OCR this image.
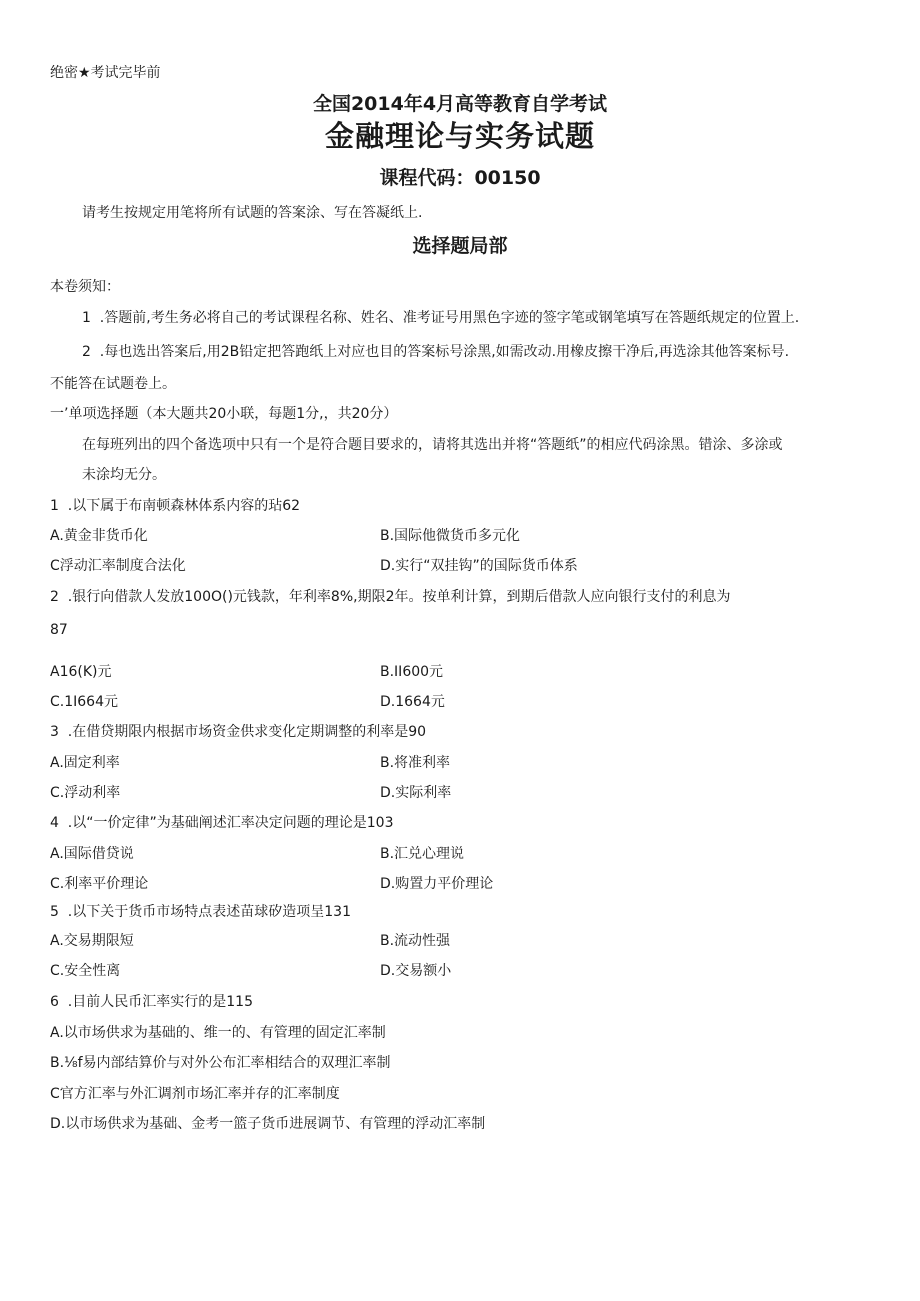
绝密★考试完毕前
全国2014年4月高等教育自学考试
金融理论与实务试题
课程代码：00150
请考生按规定用笔将所有试题的答案涂、写在答凝纸上.
选择题局部
本卷须知：
1  .答题前,考生务必将自己的考试课程名称、姓名、准考证号用黑色字迹的签字笔或钢笔填写在答题纸规定的位置上.
2  .每也选出答案后,用2B铅定把答跑纸上对应也目的答案标号涂黑,如需改动.用橡皮擦干净后,再选涂其他答案标号.
不能答在试题卷上。
一’单项选择题（本大题共20小联，每题1分,，共20分）
在每班列出的四个备选项中只有一个是符合题目要求的，请将其选出并将“答题纸”的相应代码涂黑。错涂、多涂或
未涂均无分。
1  .以下属于布南顿森林体系内容的玷62
A.黄金非货币化	B.国际他微货币多元化
C浮动汇率制度合法化	D.实行“双挂钩”的国际货币体系
2  .银行向借款人发放100O()元钱款，年利率8%,期限2年。按单利计算，到期后借款人应向银行支付的利息为
87
A16(K)元	B.II600元
C.1I664元	D.1664元
3  .在借贷期限内根据市场资金供求变化定期调整的利率是90
A.固定利率	B.将准利率
C.浮动利率	D.实际利率
4  .以“一价定律”为基础阐述汇率决定问题的理论是103
A.国际借贷说	B.汇兑心理说
C.利率平价理论	D.购置力平价理论
5  .以下关于货币市场特点表述苗球矽造项呈131
A.交易期限短	B.流动性强
C.安全性离	D.交易额小
6  .目前人民币汇率实行的是115
A.以市场供求为基础的、维一的、有管理的固定汇率制
B.⅛f易内部结算价与对外公布汇率相结合的双理汇率制
C官方汇率与外汇调剂市场汇率并存的汇率制度
D.以市场供求为基础、金考一篮子货币进展调节、有管理的浮动汇率制
